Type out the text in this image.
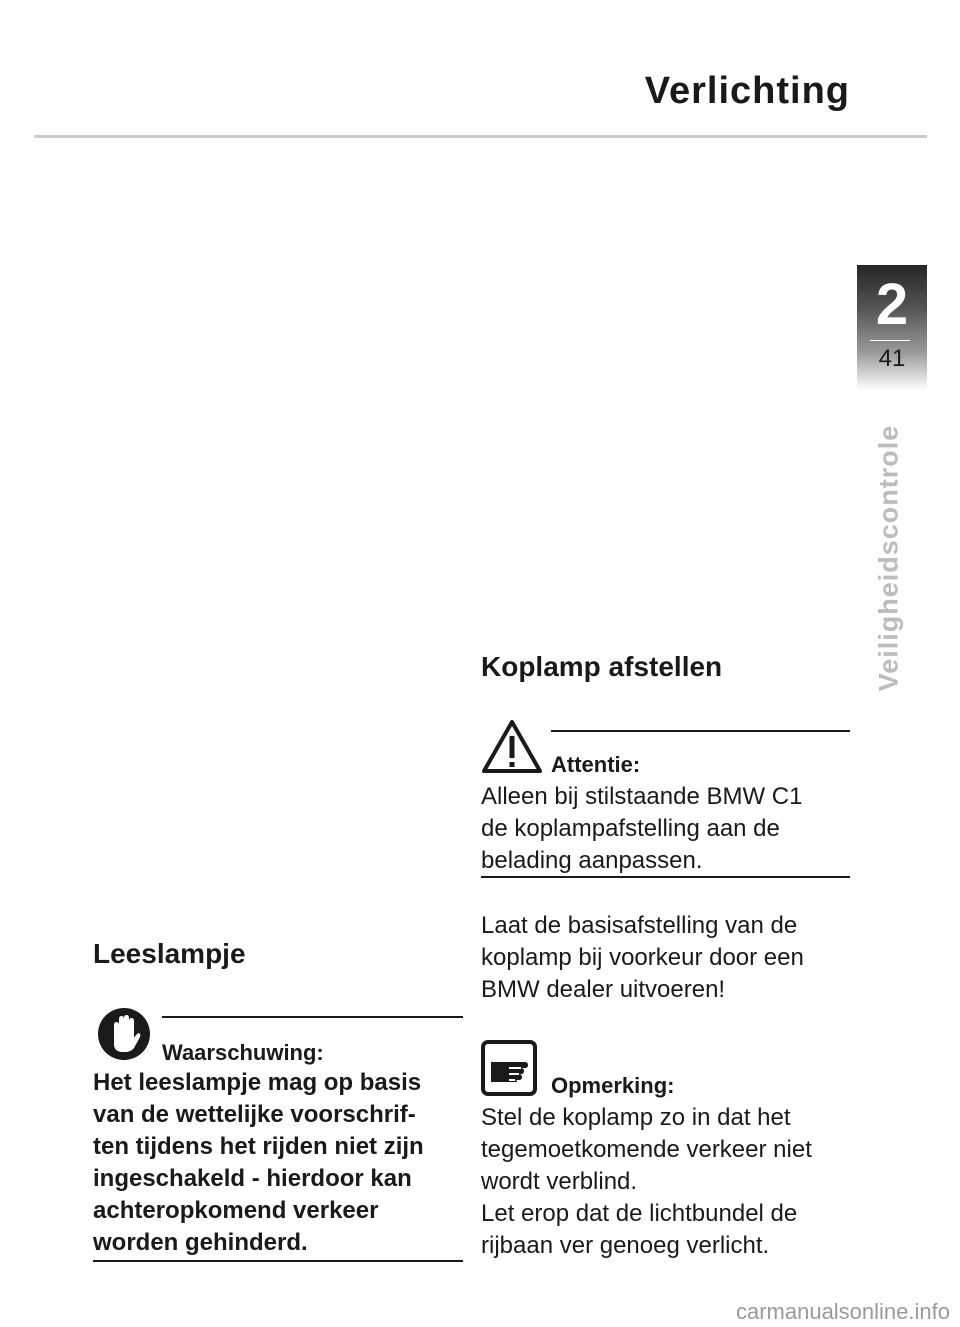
Verlichting
2
41
Veiligheidscontrole
Leeslampje
Waarschuwing:
Het leeslampje mag op basis
van de wettelijke voorschrif-
ten tijdens het rijden niet zijn
ingeschakeld - hierdoor kan
achteropkomend verkeer
worden gehinderd.
Koplamp afstellen
Attentie:
Alleen bij stilstaande BMW C1
de koplampafstelling aan de
belading aanpassen.
Laat de basisafstelling van de
koplamp bij voorkeur door een
BMW dealer uitvoeren!
Opmerking:
Stel de koplamp zo in dat het
tegemoetkomende verkeer niet
wordt verblind.
Let erop dat de lichtbundel de
rijbaan ver genoeg verlicht.
carmanualsonline.info
